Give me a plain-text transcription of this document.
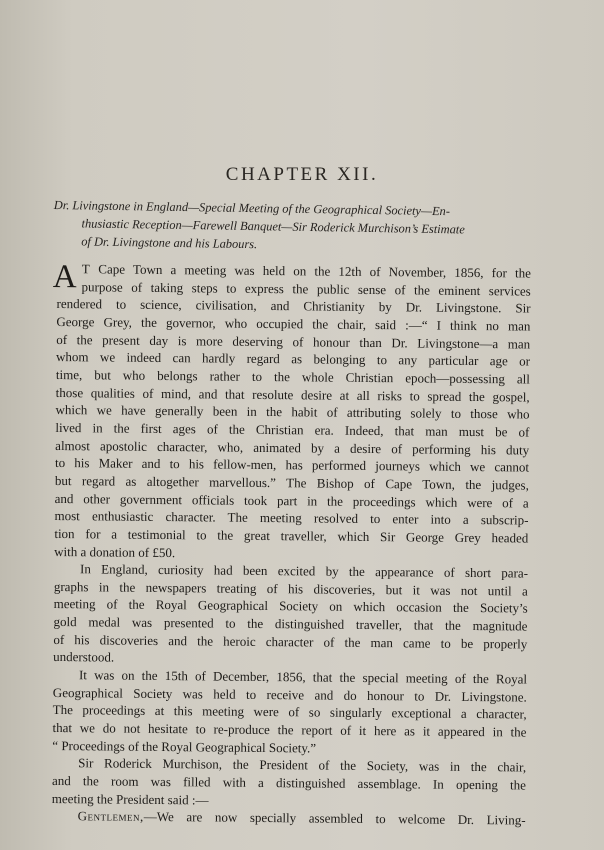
CHAPTER XII.
Dr. Livingstone in England—Special Meeting of the Geographical Society—En-
thusiastic Reception—Farewell Banquet—Sir Roderick Murchison’s Estimate
of Dr. Livingstone and his Labours.
A T Cape Town a meeting was held on the 12th of November, 1856, for the
purpose of taking steps to express the public sense of the eminent services
rendered to science, civilisation, and Christianity by Dr. Livingstone. Sir
George Grey, the governor, who occupied the chair, said :—“ I think no man
of the present day is more deserving of honour than Dr. Livingstone—a man
whom we indeed can hardly regard as belonging to any particular age or
time, but who belongs rather to the whole Christian epoch—possessing all
those qualities of mind, and that resolute desire at all risks to spread the gospel,
which we have generally been in the habit of attributing solely to those who
lived in the first ages of the Christian era. Indeed, that man must be of
almost apostolic character, who, animated by a desire of performing his duty
to his Maker and to his fellow-men, has performed journeys which we cannot
but regard as altogether marvellous.” The Bishop of Cape Town, the judges,
and other government officials took part in the proceedings which were of a
most enthusiastic character. The meeting resolved to enter into a subscrip-
tion for a testimonial to the great traveller, which Sir George Grey headed
with a donation of £50.
In England, curiosity had been excited by the appearance of short para-
graphs in the newspapers treating of his discoveries, but it was not until a
meeting of the Royal Geographical Society on which occasion the Society’s
gold medal was presented to the distinguished traveller, that the magnitude
of his discoveries and the heroic character of the man came to be properly
understood.
It was on the 15th of December, 1856, that the special meeting of the Royal
Geographical Society was held to receive and do honour to Dr. Livingstone.
The proceedings at this meeting were of so singularly exceptional a character,
that we do not hesitate to re-produce the report of it here as it appeared in the
“ Proceedings of the Royal Geographical Society.”
Sir Roderick Murchison, the President of the Society, was in the chair,
and the room was filled with a distinguished assemblage. In opening the
meeting the President said :—
Gentlemen,—We are now specially assembled to welcome Dr. Living-
